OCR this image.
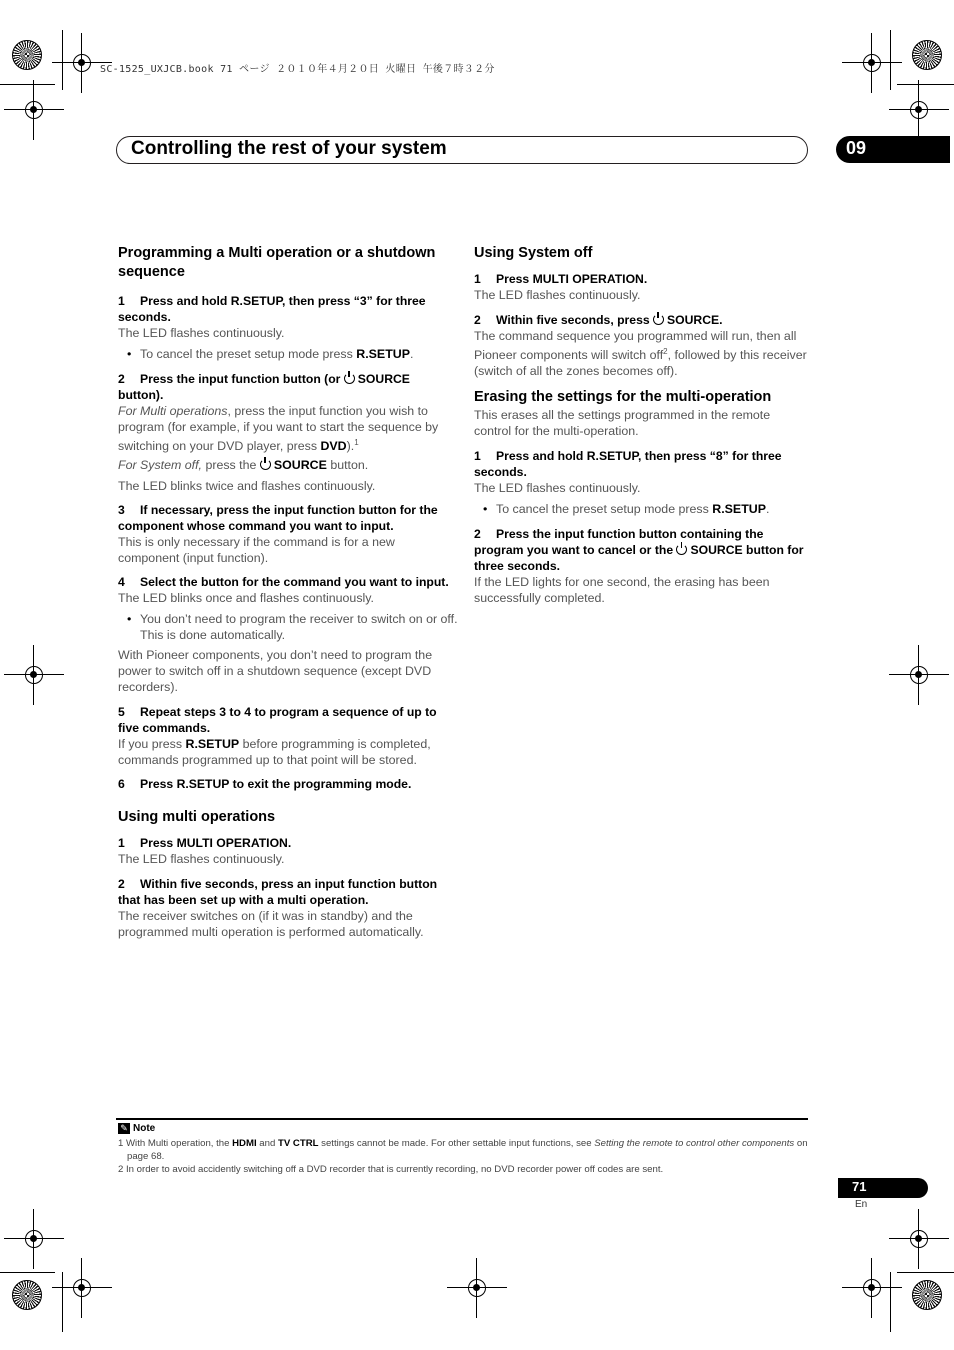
SC-1525_UXJCB.book 71 ページ ２０１０年４月２０日 火曜日 午後７時３２分
Controlling the rest of your system	09

Programming a Multi operation or a shutdown sequence

1 Press and hold R.SETUP, then press “3” for three seconds.

The LED flashes continuously.

• To cancel the preset setup mode press R.SETUP.

2 Press the input function button (or SOURCE
button).

For Multi operations, press the input function you wish to program (for example, if you want to start the sequence by switching on your DVD player, press DVD).$^1$

For System off, press the SOURCE button.

The LED blinks twice and flashes continuously.

3 If necessary, press the input function button for the component whose command you want to input.

This is only necessary if the command is for a new component (input function).

4 Select the button for the command you want to input.

The LED blinks once and flashes continuously.

• You don’t need to program the receiver to switch on or off. This is done automatically.

With Pioneer components, you don’t need to program the power to switch off in a shutdown sequence (except DVD recorders).

5 Repeat steps 3 to 4 to program a sequence of up to five commands.

If you press R.SETUP before programming is completed, commands programmed up to that point will be stored.

6 Press R.SETUP to exit the programming mode.

Using multi operations

1 Press MULTI OPERATION.

The LED flashes continuously.

2 Within five seconds, press an input function button that has been set up with a multi operation.

The receiver switches on (if it was in standby) and the programmed multi operation is performed automatically.

Using System off

1 Press MULTI OPERATION.

The LED flashes continuously.

2 Within five seconds, press SOURCE.

The command sequence you programmed will run, then all Pioneer components will switch off$^2$, followed by this receiver (switch of all the zones becomes off).

Erasing the settings for the multi-operation

This erases all the settings programmed in the remote control for the multi-operation.

1 Press and hold R.SETUP, then press “8” for three seconds.

The LED flashes continuously.

• To cancel the preset setup mode press R.SETUP.

2 Press the input function button containing the program you want to cancel or the SOURCE button for three seconds.

If the LED lights for one second, the erasing has been successfully completed.

✎ Note
1 With Multi operation, the HDMI and TV CTRL settings cannot be made. For other settable input functions, see Setting the remote to control other components on page 68.
2 In order to avoid accidently switching off a DVD recorder that is currently recording, no DVD recorder power off codes are sent.
71
En
